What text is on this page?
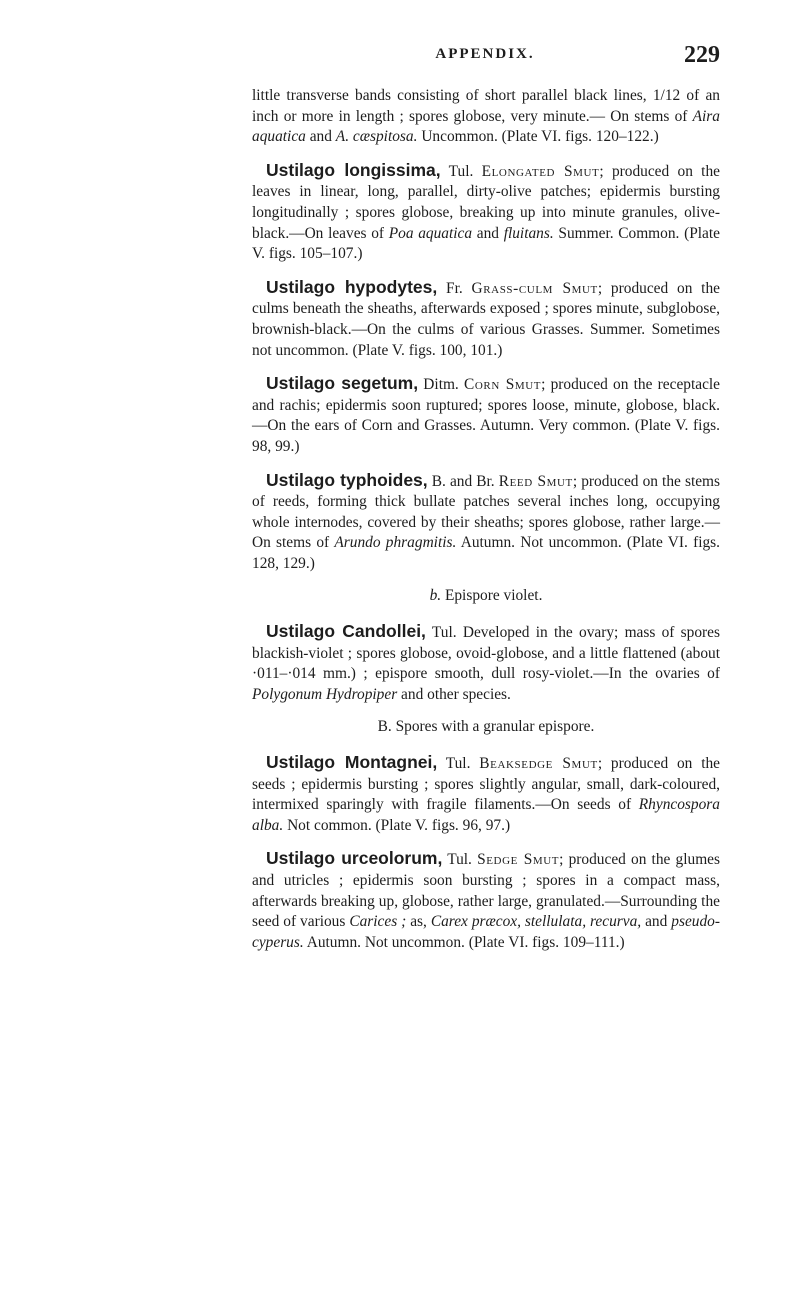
APPENDIX.	229

little transverse bands consisting of short parallel black lines, 1/12 of an inch or more in length ; spores globose, very minute.— On stems of Aira aquatica and A. cæspitosa. Uncommon. (Plate VI. figs. 120–122.)

Ustilago longissima, Tul. Elongated Smut; produced on the leaves in linear, long, parallel, dirty-olive patches; epidermis bursting longitudinally ; spores globose, breaking up into minute granules, olive-black.—On leaves of Poa aquatica and fluitans. Summer. Common. (Plate V. figs. 105–107.)

Ustilago hypodytes, Fr. Grass-culm Smut; produced on the culms beneath the sheaths, afterwards exposed ; spores minute, subglobose, brownish-black.—On the culms of various Grasses. Summer. Sometimes not uncommon. (Plate V. figs. 100, 101.)

Ustilago segetum, Ditm. Corn Smut; produced on the receptacle and rachis; epidermis soon ruptured; spores loose, minute, globose, black.—On the ears of Corn and Grasses. Autumn. Very common. (Plate V. figs. 98, 99.)

Ustilago typhoides, B. and Br. Reed Smut; produced on the stems of reeds, forming thick bullate patches several inches long, occupying whole internodes, covered by their sheaths; spores globose, rather large.—On stems of Arundo phragmitis. Autumn. Not uncommon. (Plate VI. figs. 128, 129.)

b. Epispore violet.

Ustilago Candollei, Tul. Developed in the ovary; mass of spores blackish-violet ; spores globose, ovoid-globose, and a little flattened (about ·011–·014 mm.) ; epispore smooth, dull rosy-violet.—In the ovaries of Polygonum Hydropiper and other species.

B. Spores with a granular epispore.

Ustilago Montagnei, Tul. Beaksedge Smut; produced on the seeds ; epidermis bursting ; spores slightly angular, small, dark-coloured, intermixed sparingly with fragile filaments.—On seeds of Rhyncospora alba. Not common. (Plate V. figs. 96, 97.)

Ustilago urceolorum, Tul. Sedge Smut; produced on the glumes and utricles ; epidermis soon bursting ; spores in a compact mass, afterwards breaking up, globose, rather large, granulated.—Surrounding the seed of various Carices ; as, Carex præcox, stellulata, recurva, and pseudo-cyperus. Autumn. Not uncommon. (Plate VI. figs. 109–111.)
